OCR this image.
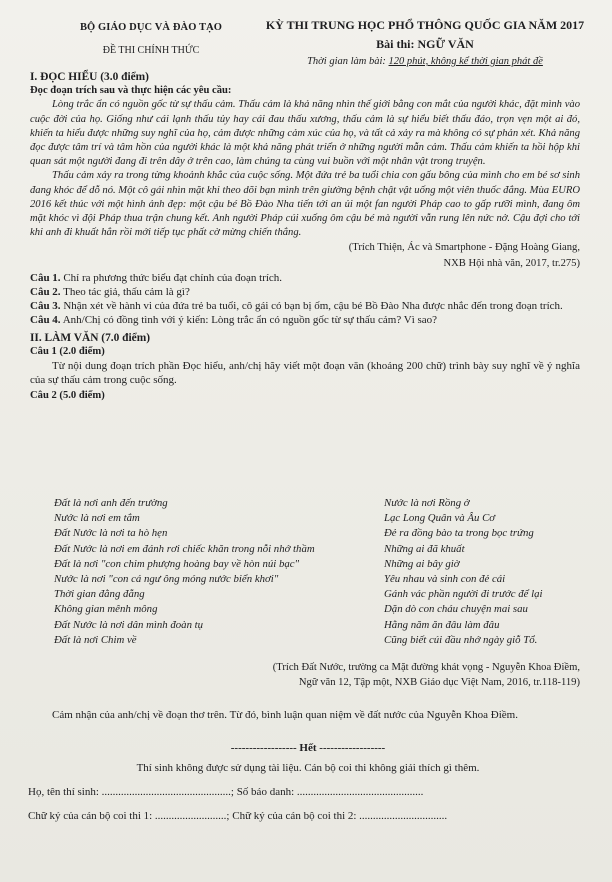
BỘ GIÁO DỤC VÀ ĐÀO TẠO
ĐỀ THI CHÍNH THỨC
KỲ THI TRUNG HỌC PHỔ THÔNG QUỐC GIA NĂM 2017
Bài thi: NGỮ VĂN
Thời gian làm bài: 120 phút, không kể thời gian phát đề
I. ĐỌC HIỂU (3.0 điểm)
Đọc đoạn trích sau và thực hiện các yêu cầu:
Lòng trắc ẩn có nguồn gốc từ sự thấu cảm. Thấu cảm là khả năng nhìn thế giới bằng con mắt của người khác, đặt mình vào cuộc đời của họ. Giống như cái lạnh thấu tủy hay cái đau thấu xương, thấu cảm là sự hiểu biết thấu đáo, trọn vẹn một ai đó, khiến ta hiểu được những suy nghĩ của họ, cảm được những cảm xúc của họ, và tất cả xảy ra mà không có sự phản xét. Khả năng đọc được tâm trí và tâm hồn của người khác là một khả năng phát triển ở những người mẫn cảm. Thấu cảm khiến ta hồi hộp khi quan sát một người đang đi trên dây ở trên cao, làm chúng ta cùng vui buồn với một nhân vật trong truyện.
Thấu cảm xảy ra trong từng khoảnh khắc của cuộc sống. Một đứa trẻ ba tuổi chia con gấu bông của mình cho em bé sơ sinh đang khóc để dỗ nó. Một cô gái nhìn mặt khi theo dõi bạn mình trên giường bệnh chật vật uống một viên thuốc đắng. Mùa EURO 2016 kết thúc với một hình ảnh đẹp: một cậu bé Bồ Đào Nha tiến tới an ủi một fan người Pháp cao to gấp rưỡi mình, đang ôm mặt khóc vì đội Pháp thua trận chung kết. Anh người Pháp cúi xuống ôm cậu bé mà người vẫn rung lên nức nở. Cậu đợi cho tới khi anh đi khuất hẳn rồi mới tiếp tục phất cờ mừng chiến thắng.
(Trích Thiện, Ác và Smartphone - Đặng Hoàng Giang,
NXB Hội nhà văn, 2017, tr.275)
Câu 1. Chỉ ra phương thức biểu đạt chính của đoạn trích.
Câu 2. Theo tác giả, thấu cảm là gì?
Câu 3. Nhận xét về hành vi của đứa trẻ ba tuổi, cô gái có bạn bị ốm, cậu bé Bồ Đào Nha được nhắc đến trong đoạn trích.
Câu 4. Anh/Chị có đồng tình với ý kiến: Lòng trắc ẩn có nguồn gốc từ sự thấu cảm? Vì sao?
II. LÀM VĂN (7.0 điểm)
Câu 1 (2.0 điểm)
Từ nội dung đoạn trích phần Đọc hiểu, anh/chị hãy viết một đoạn văn (khoảng 200 chữ) trình bày suy nghĩ về ý nghĩa của sự thấu cảm trong cuộc sống.
Câu 2 (5.0 điểm)
Đất là nơi anh đến trường	Nước là nơi Rồng ở
Nước là nơi em tắm	Lạc Long Quân và Âu Cơ
Đất Nước là nơi ta hò hẹn	Đẻ ra đồng bào ta trong bọc trứng
Đất Nước là nơi em đánh rơi chiếc khăn trong nỗi nhớ thầm	Những ai đã khuất
Đất là nơi "con chim phượng hoàng bay về hòn núi bạc"	Những ai bây giờ
Nước là nơi "con cá ngư ông móng nước biển khơi"	Yêu nhau và sinh con đẻ cái
Thời gian đằng đẵng	Gánh vác phần người đi trước để lại
Không gian mênh mông	Dặn dò con cháu chuyện mai sau
Đất Nước là nơi dân mình đoàn tụ	Hằng năm ăn đâu làm đâu
Đất là nơi Chim về	Cũng biết cúi đầu nhớ ngày giỗ Tổ.
(Trích Đất Nước, trường ca Mặt đường khát vọng - Nguyễn Khoa Điềm,
Ngữ văn 12, Tập một, NXB Giáo dục Việt Nam, 2016, tr.118-119)
Cảm nhận của anh/chị về đoạn thơ trên. Từ đó, bình luận quan niệm về đất nước của Nguyễn Khoa Điềm.
------------------ Hết ------------------
Thí sinh không được sử dụng tài liệu. Cán bộ coi thi không giải thích gì thêm.
Họ, tên thí sinh: ...............................................; Số báo danh: ..............................................
Chữ ký của cán bộ coi thi 1: ..........................; Chữ ký của cán bộ coi thi 2: ................................
